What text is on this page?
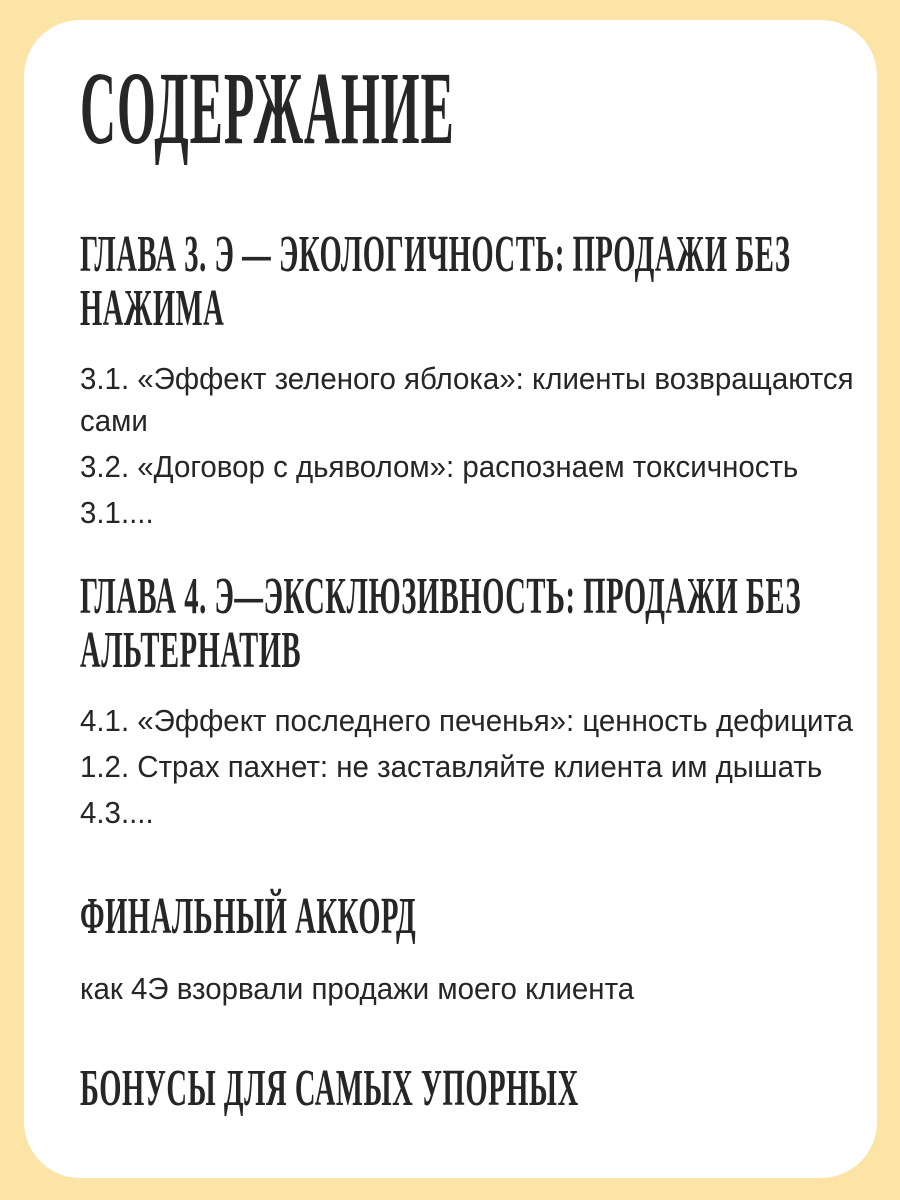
СОДЕРЖАНИЕ
ГЛАВА 3. Э — ЭКОЛОГИЧНОСТЬ: ПРОДАЖИ БЕЗ
НАЖИМА
3.1. «Эффект зеленого яблока»: клиенты возвращаются
сами
3.2. «Договор с дьяволом»: распознаем токсичность
3.1....
ГЛАВА 4. Э—ЭКСКЛЮЗИВНОСТЬ: ПРОДАЖИ БЕЗ
АЛЬТЕРНАТИВ
4.1. «Эффект последнего печенья»: ценность дефицита
1.2. Страх пахнет: не заставляйте клиента им дышать
4.3....
ФИНАЛЬНЫЙ АККОРД
как 4Э взорвали продажи моего клиента
БОНУСЫ ДЛЯ САМЫХ УПОРНЫХ
